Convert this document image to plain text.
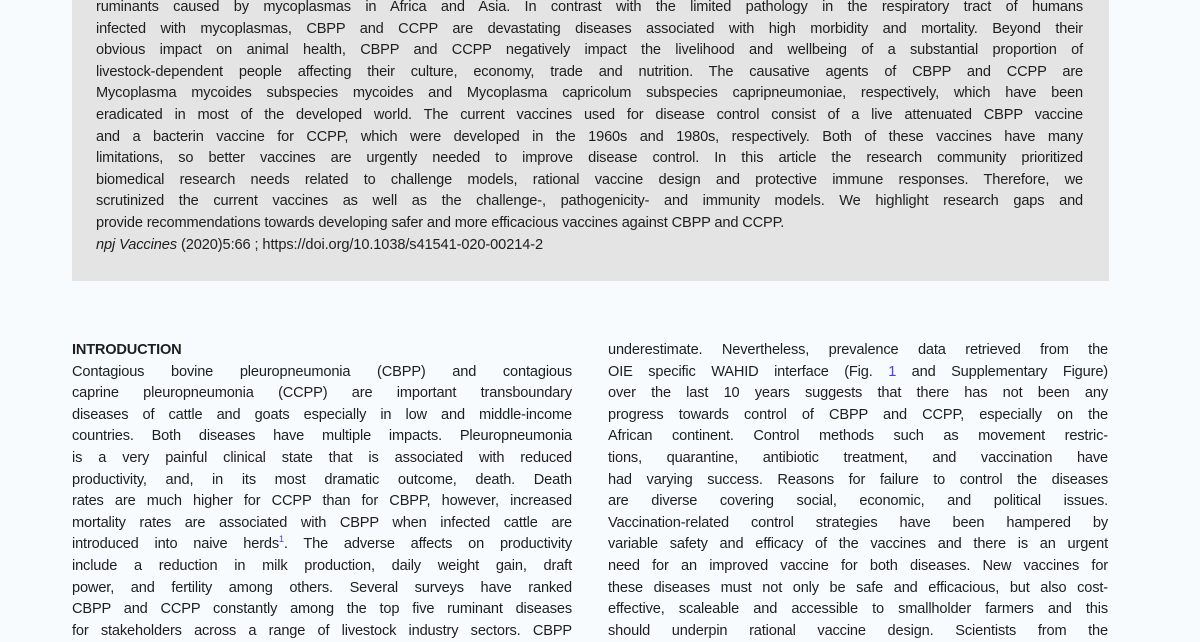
ruminants caused by mycoplasmas in Africa and Asia. In contrast with the limited pathology in the respiratory tract of humans
infected with mycoplasmas, CBPP and CCPP are devastating diseases associated with high morbidity and mortality. Beyond their
obvious impact on animal health, CBPP and CCPP negatively impact the livelihood and wellbeing of a substantial proportion of
livestock-dependent people affecting their culture, economy, trade and nutrition. The causative agents of CBPP and CCPP are
Mycoplasma mycoides subspecies mycoides and Mycoplasma capricolum subspecies capripneumoniae, respectively, which have been
eradicated in most of the developed world. The current vaccines used for disease control consist of a live attenuated CBPP vaccine
and a bacterin vaccine for CCPP, which were developed in the 1960s and 1980s, respectively. Both of these vaccines have many
limitations, so better vaccines are urgently needed to improve disease control. In this article the research community prioritized
biomedical research needs related to challenge models, rational vaccine design and protective immune responses. Therefore, we
scrutinized the current vaccines as well as the challenge-, pathogenicity- and immunity models. We highlight research gaps and
provide recommendations towards developing safer and more efficacious vaccines against CBPP and CCPP.
npj Vaccines (2020)5:66 ; https://doi.org/10.1038/s41541-020-00214-2
INTRODUCTION
Contagious bovine pleuropneumonia (CBPP) and contagious
caprine pleuropneumonia (CCPP) are important transboundary
diseases of cattle and goats especially in low and middle-income
countries. Both diseases have multiple impacts. Pleuropneumonia
is a very painful clinical state that is associated with reduced
productivity, and, in its most dramatic outcome, death. Death
rates are much higher for CCPP than for CBPP, however, increased
mortality rates are associated with CBPP when infected cattle are
introduced into naive herds$^1$. The adverse affects on productivity
include a reduction in milk production, daily weight gain, draft
power, and fertility among others. Several surveys have ranked
CBPP and CCPP constantly among the top five ruminant diseases
for stakeholders across a range of livestock industry sectors. CBPP
underestimate. Nevertheless, prevalence data retrieved from the
OIE specific WAHID interface (Fig. 1 and Supplementary Figure)
over the last 10 years suggests that there has not been any
progress towards control of CBPP and CCPP, especially on the
African continent. Control methods such as movement restric-
tions, quarantine, antibiotic treatment, and vaccination have
had varying success. Reasons for failure to control the diseases
are diverse covering social, economic, and political issues.
Vaccination-related control strategies have been hampered by
variable safety and efficacy of the vaccines and there is an urgent
need for an improved vaccine for both diseases. New vaccines for
these diseases must not only be safe and efficacious, but also cost-
effective, scaleable and accessible to smallholder farmers and this
should underpin rational vaccine design. Scientists from the
